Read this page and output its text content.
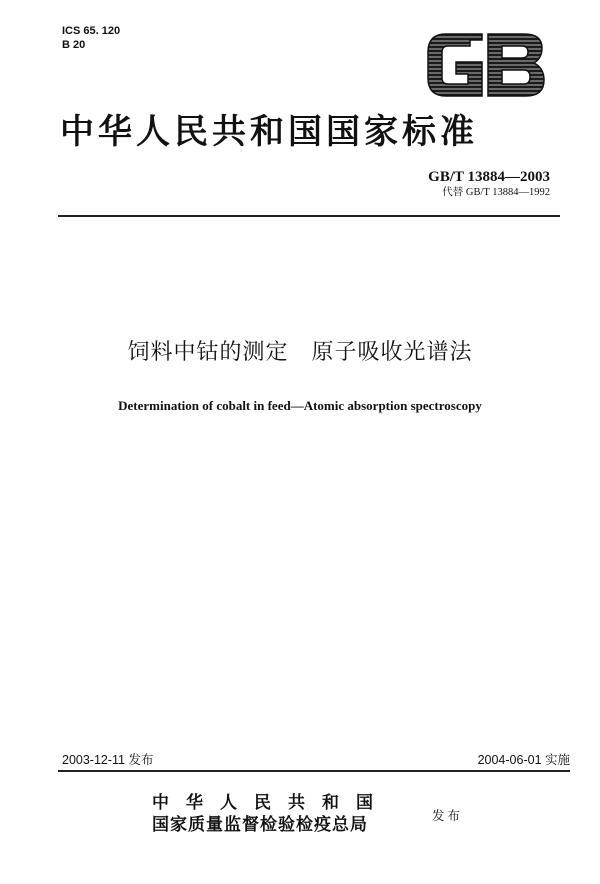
ICS 65. 120
B 20
中华人民共和国国家标准
GB/T 13884—2003
代替 GB/T 13884—1992
饲料中钴的测定　原子吸收光谱法
Determination of cobalt in feed—Atomic absorption spectroscopy
2003-12-11 发布	2004-06-01 实施
中华人民共和国
国家质量监督检验检疫总局	发布
